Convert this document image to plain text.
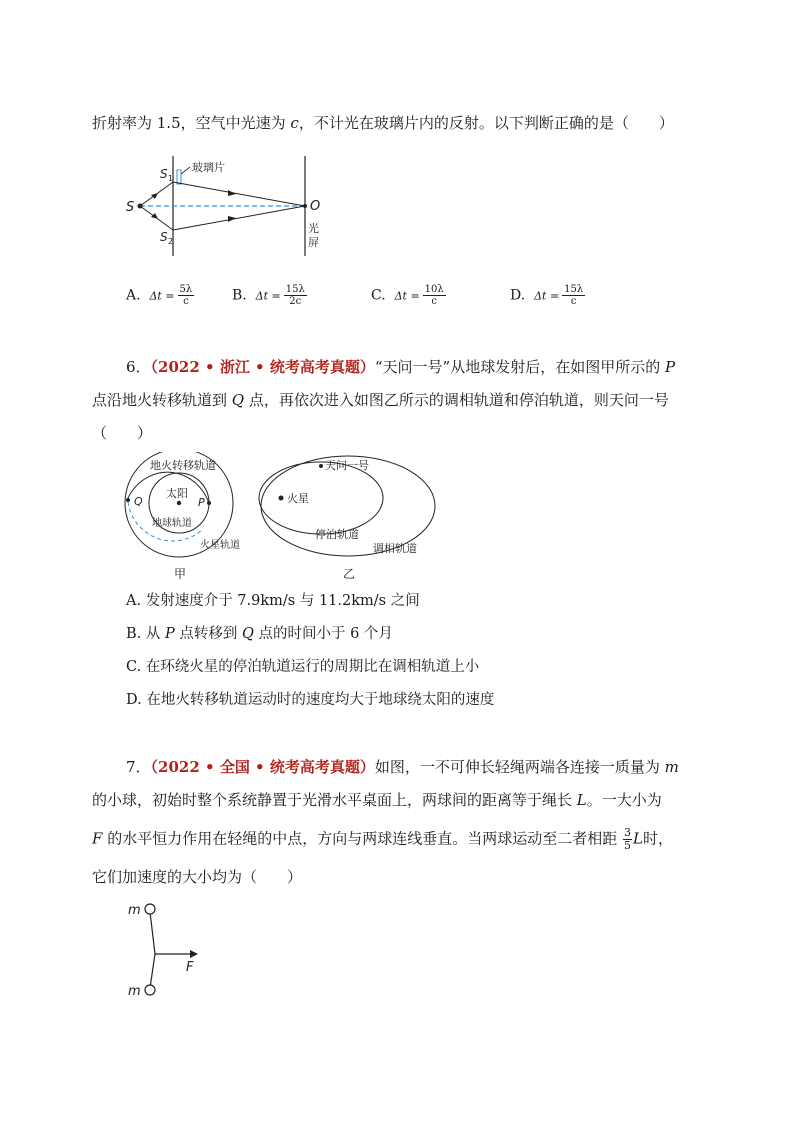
折射率为 1.5，空气中光速为 c，不计光在玻璃片内的反射。以下判断正确的是（　　）
S
S 1
S 2
O
玻璃片
光
屏
A. $\Delta t = \frac{5\lambda}{c}$	B. $\Delta t = \frac{15\lambda}{2c}$	C. $\Delta t = \frac{10\lambda}{c}$	D. $\Delta t = \frac{15\lambda}{c}$
6．（2022 • 浙江 • 统考高考真题）“天问一号”从地球发射后，在如图甲所示的 P
点沿地火转移轨道到 Q 点，再依次进入如图乙所示的调相轨道和停泊轨道，则天问一号
（　　）
地火转移轨道
太阳
P
Q
地球轨道
火星轨道
甲
天问一号
火星
停泊轨道
调相轨道
乙
A. 发射速度介于 7.9km/s 与 11.2km/s 之间
B. 从 P 点转移到 Q 点的时间小于 6 个月
C. 在环绕火星的停泊轨道运行的周期比在调相轨道上小
D. 在地火转移轨道运动时的速度均大于地球绕太阳的速度
7．（2022 • 全国 • 统考高考真题）如图，一不可伸长轻绳两端各连接一质量为 m
的小球，初始时整个系统静置于光滑水平桌面上，两球间的距离等于绳长 L。一大小为
F 的水平恒力作用在轻绳的中点，方向与两球连线垂直。当两球运动至二者相距 $\frac{3}{5}$ L时，
它们加速度的大小均为（　　）
m
m
F
